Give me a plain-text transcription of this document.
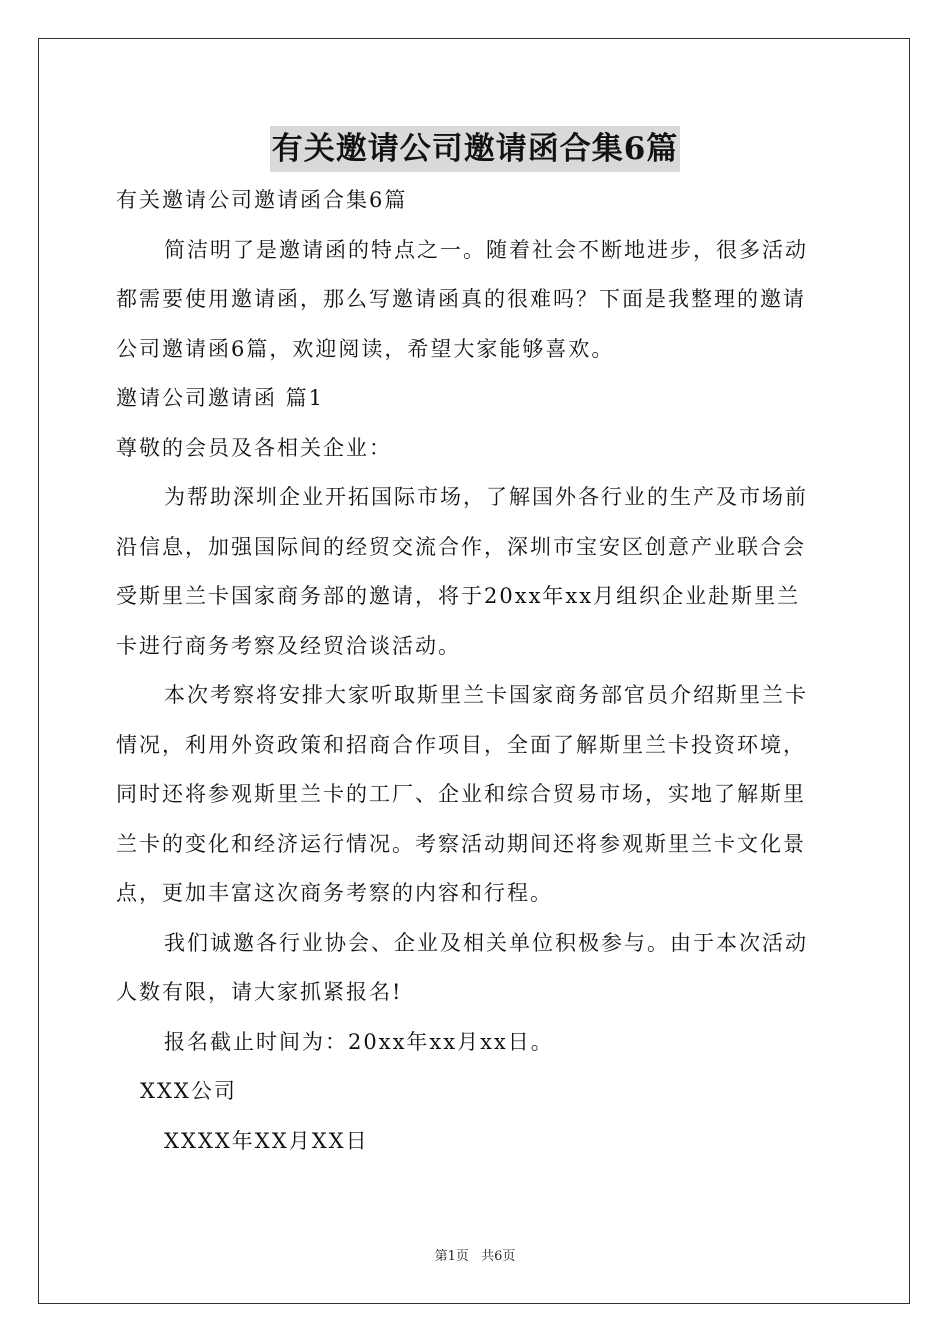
有关邀请公司邀请函合集6篇
有关邀请公司邀请函合集6篇
简洁明了是邀请函的特点之一。随着社会不断地进步，很多活动
都需要使用邀请函，那么写邀请函真的很难吗？下面是我整理的邀请
公司邀请函6篇，欢迎阅读，希望大家能够喜欢。
邀请公司邀请函 篇1
尊敬的会员及各相关企业：
为帮助深圳企业开拓国际市场，了解国外各行业的生产及市场前
沿信息，加强国际间的经贸交流合作，深圳市宝安区创意产业联合会
受斯里兰卡国家商务部的邀请，将于20xx年xx月组织企业赴斯里兰
卡进行商务考察及经贸洽谈活动。
本次考察将安排大家听取斯里兰卡国家商务部官员介绍斯里兰卡
情况，利用外资政策和招商合作项目，全面了解斯里兰卡投资环境，
同时还将参观斯里兰卡的工厂、企业和综合贸易市场，实地了解斯里
兰卡的变化和经济运行情况。考察活动期间还将参观斯里兰卡文化景
点，更加丰富这次商务考察的内容和行程。
我们诚邀各行业协会、企业及相关单位积极参与。由于本次活动
人数有限，请大家抓紧报名!
报名截止时间为：20xx年xx月xx日。
XXX公司
XXXX年XX月XX日
第1页 共6页
